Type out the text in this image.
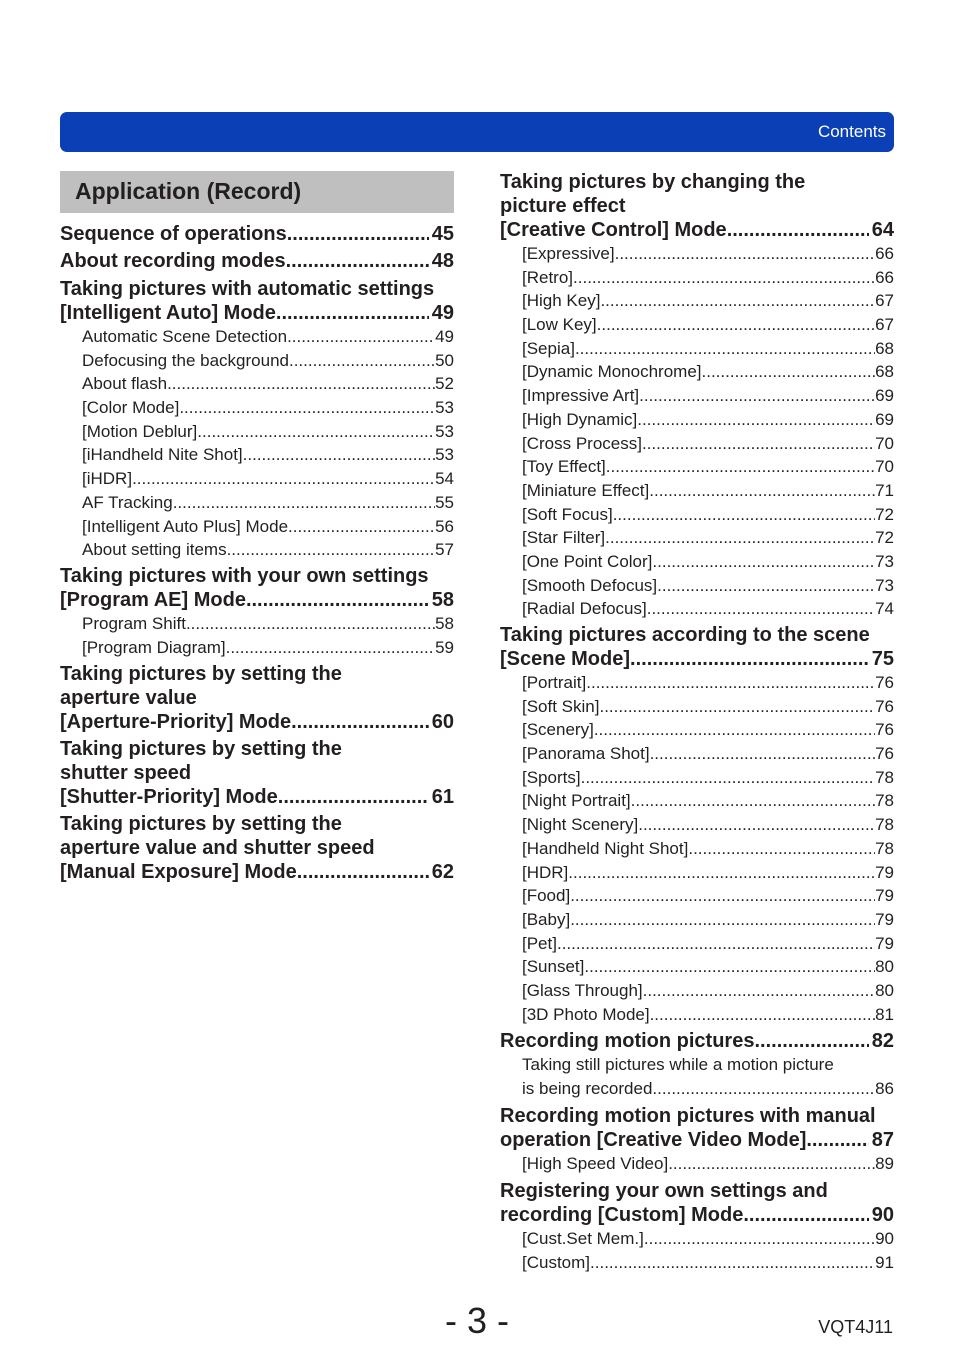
Contents
Application (Record)
Sequence of operations .....	45
About recording modes .....	48
Taking pictures with automatic settings
[Intelligent Auto] Mode .....	49
Automatic Scene Detection .....	49
Defocusing the background .....	50
About flash .....	52
[Color Mode] .....	53
[Motion Deblur] .....	53
[iHandheld Nite Shot] .....	53
[iHDR] .....	54
AF Tracking .....	55
[Intelligent Auto Plus] Mode .....	56
About setting items .....	57
Taking pictures with your own settings
[Program AE] Mode .....	58
Program Shift .....	58
[Program Diagram] .....	59
Taking pictures by setting the
aperture value
[Aperture-Priority] Mode .....	60
Taking pictures by setting the
shutter speed
[Shutter-Priority] Mode .....	61
Taking pictures by setting the
aperture value and shutter speed
[Manual Exposure] Mode .....	62
Taking pictures by changing the
picture effect
[Creative Control] Mode .....	64
[Expressive] .....	66
[Retro] .....	66
[High Key] .....	67
[Low Key] .....	67
[Sepia] .....	68
[Dynamic Monochrome] .....	68
[Impressive Art] .....	69
[High Dynamic] .....	69
[Cross Process] .....	70
[Toy Effect] .....	70
[Miniature Effect] .....	71
[Soft Focus] .....	72
[Star Filter] .....	72
[One Point Color] .....	73
[Smooth Defocus] .....	73
[Radial Defocus] .....	74
Taking pictures according to the scene
[Scene Mode] .....	75
[Portrait] .....	76
[Soft Skin] .....	76
[Scenery] .....	76
[Panorama Shot] .....	76
[Sports] .....	78
[Night Portrait] .....	78
[Night Scenery] .....	78
[Handheld Night Shot] .....	78
[HDR] .....	79
[Food] .....	79
[Baby] .....	79
[Pet] .....	79
[Sunset] .....	80
[Glass Through] .....	80
[3D Photo Mode] .....	81
Recording motion pictures .....	82
Taking still pictures while a motion picture
is being recorded .....	86
Recording motion pictures with manual
operation [Creative Video Mode] .....	87
[High Speed Video] .....	89
Registering your own settings and
recording [Custom] Mode .....	90
[Cust.Set Mem.] .....	90
[Custom] .....	91
- 3 -	VQT4J11
